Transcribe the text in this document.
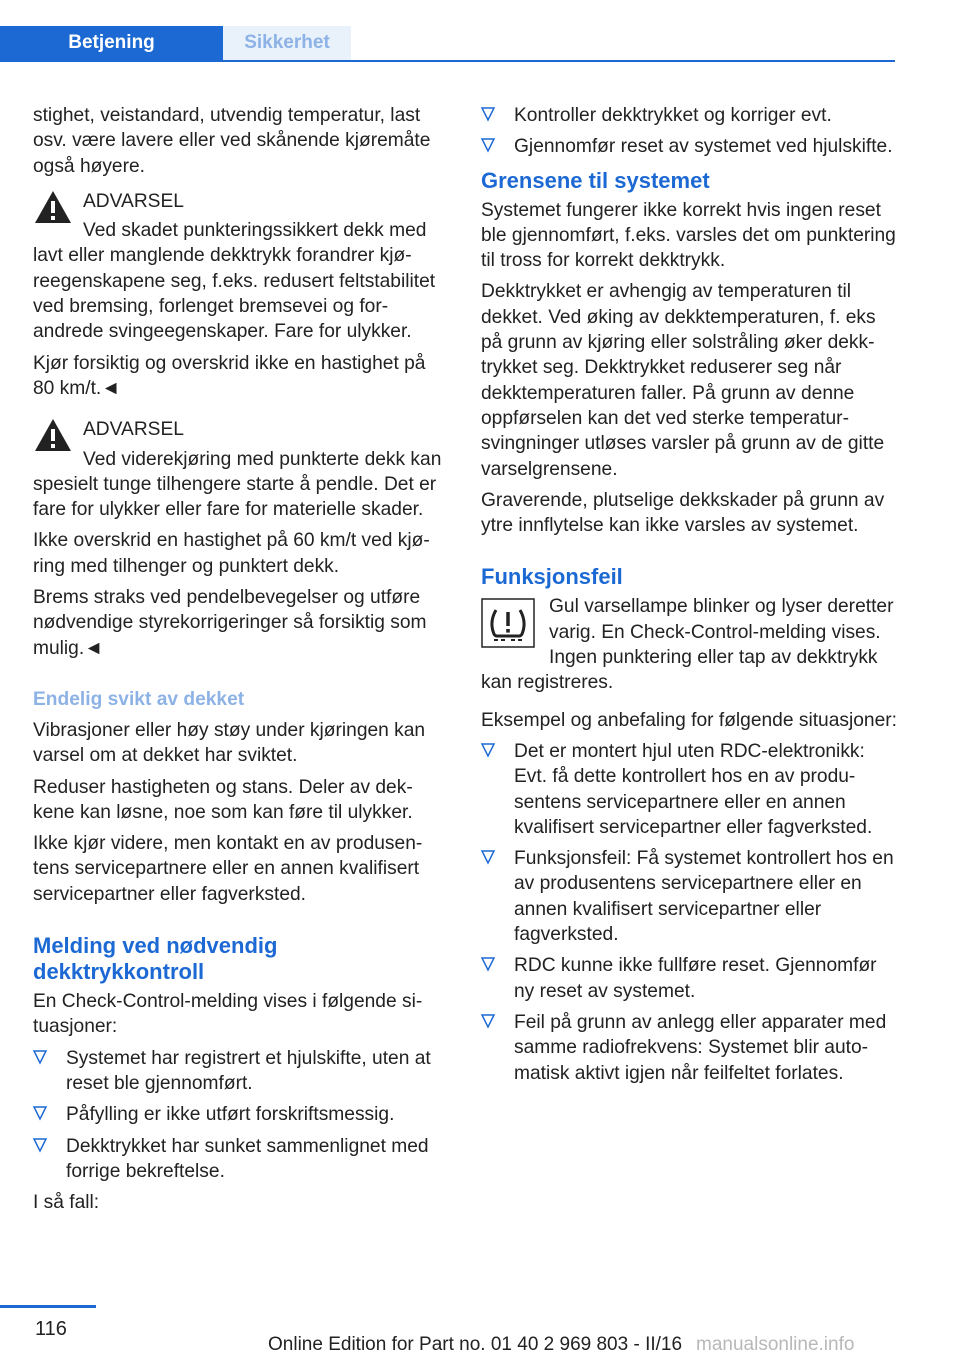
Betjening	Sikkerhet

stighet, veistandard, utvendig temperatur, last osv. være lavere eller ved skånende kjøremåte også høyere.

ADVARSEL

Ved skadet punkteringssikkert dekk med lavt eller manglende dekktrykk forandrer kjøreegenskapene seg, f.eks. redusert feltstabilitet ved bremsing, forlenget bremsevei og forandrede svingeegenskaper. Fare for ulykker.

Kjør forsiktig og overskrid ikke en hastighet på 80 km/t.◄

ADVARSEL

Ved viderekjøring med punkterte dekk kan spesielt tunge tilhengere starte å pendle. Det er fare for ulykker eller fare for materielle skader.

Ikke overskrid en hastighet på 60 km/t ved kjøring med tilhenger og punktert dekk.

Brems straks ved pendelbevegelser og utføre nødvendige styrekorrigeringer så forsiktig som mulig.◄

Endelig svikt av dekket

Vibrasjoner eller høy støy under kjøringen kan varsel om at dekket har sviktet.

Reduser hastigheten og stans. Deler av dekkene kan løsne, noe som kan føre til ulykker.

Ikke kjør videre, men kontakt en av produsentens servicepartnere eller en annen kvalifisert servicepartner eller fagverksted.

Melding ved nødvendig dekktrykkontroll

En Check-Control-melding vises i følgende situasjoner:

Systemet har registrert et hjulskifte, uten at reset ble gjennomført.
Påfylling er ikke utført forskriftsmessig.
Dekktrykket har sunket sammenlignet med forrige bekreftelse.

I så fall:

Kontroller dekktrykket og korriger evt.
Gjennomfør reset av systemet ved hjulskifte.
Grensene til systemet

Systemet fungerer ikke korrekt hvis ingen reset ble gjennomført, f.eks. varsles det om punktering til tross for korrekt dekktrykk.

Dekktrykket er avhengig av temperaturen til dekket. Ved øking av dekktemperaturen, f. eks på grunn av kjøring eller solstråling øker dekktrykket seg. Dekktrykket reduserer seg når dekktemperaturen faller. På grunn av denne oppførselen kan det ved sterke temperatursvingninger utløses varsler på grunn av de gitte varselgrensene.

Graverende, plutselige dekkskader på grunn av ytre innflytelse kan ikke varsles av systemet.

Funksjonsfeil

Gul varsellampe blinker og lyser deretter varig. En Check-Control-melding vises. Ingen punktering eller tap av dekktrykk kan registreres.

Eksempel og anbefaling for følgende situasjoner:

Det er montert hjul uten RDC-elektronikk: Evt. få dette kontrollert hos en av produsentens servicepartnere eller en annen kvalifisert servicepartner eller fagverksted.
Funksjonsfeil: Få systemet kontrollert hos en av produsentens servicepartnere eller en annen kvalifisert servicepartner eller fagverksted.
RDC kunne ikke fullføre reset. Gjennomfør ny reset av systemet.
Feil på grunn av anlegg eller apparater med samme radiofrekvens: Systemet blir automatisk aktivt igjen når feilfeltet forlates.
116
Online Edition for Part no. 01 40 2 969 803 - II/16 manualsonline.info
